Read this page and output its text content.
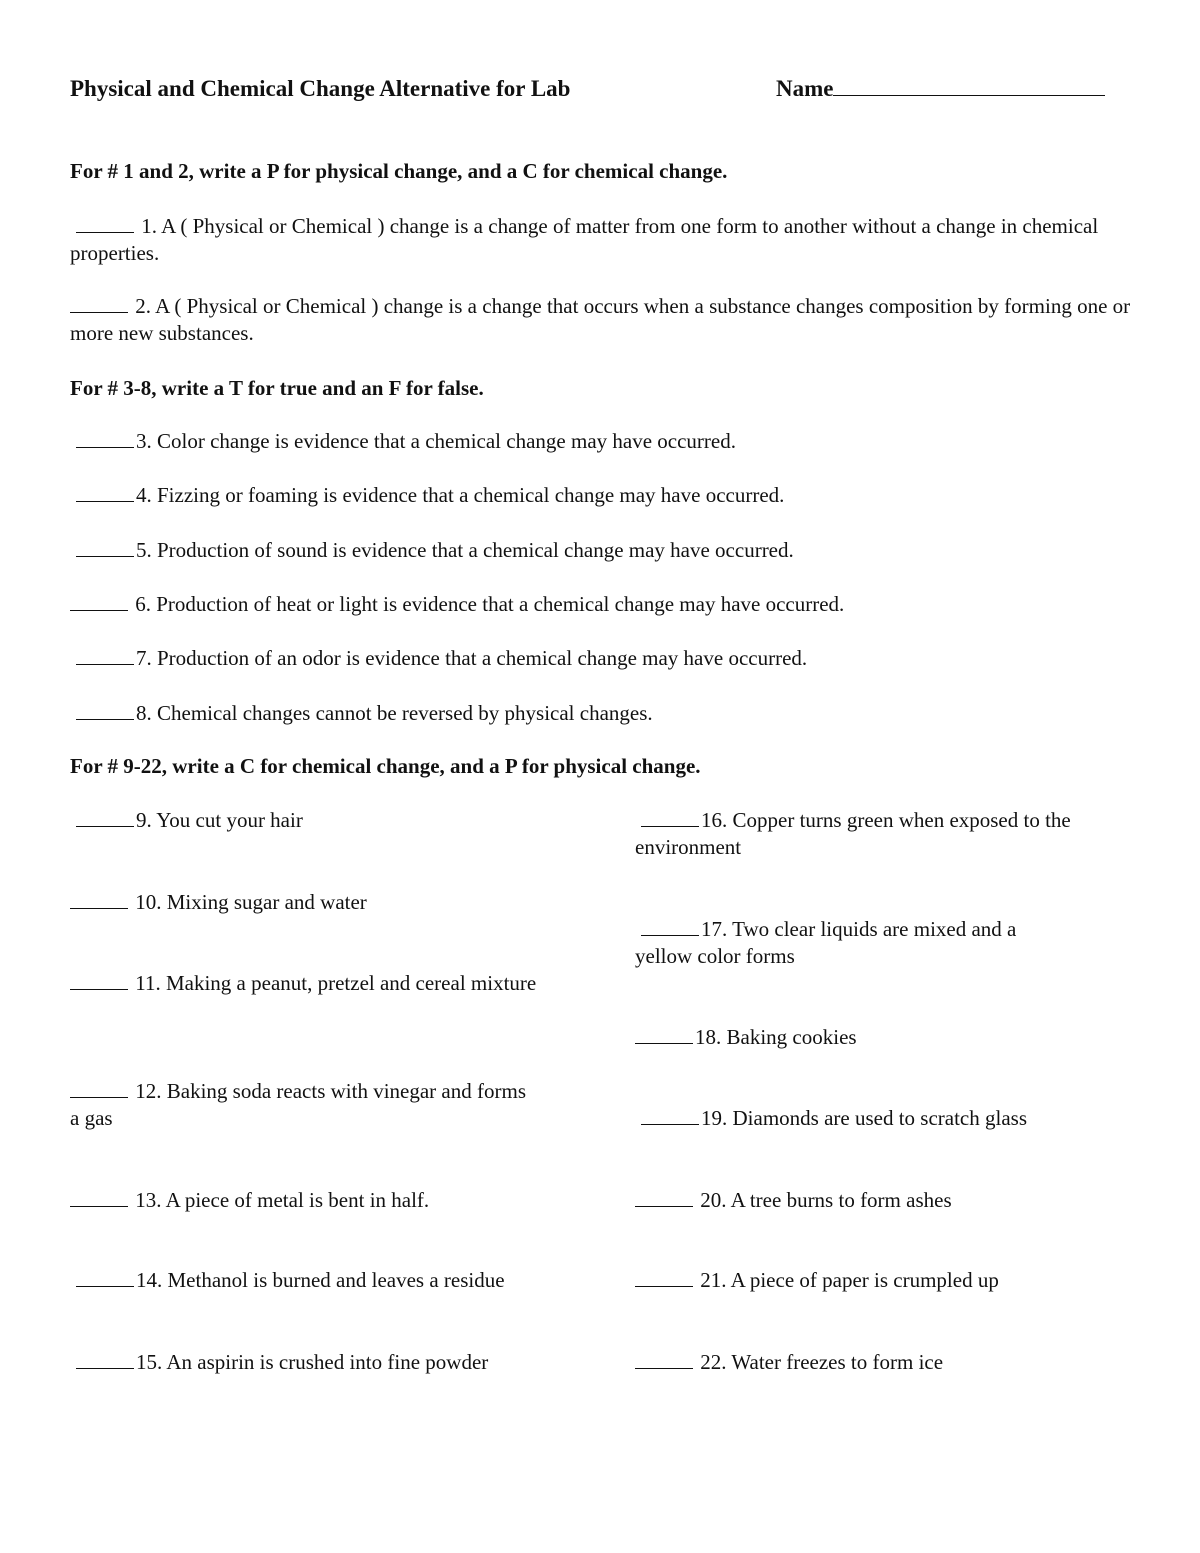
Physical and Chemical Change Alternative for Lab	Name
For # 1 and 2, write a P for physical change, and a C for chemical change.
1. A ( Physical or Chemical ) change is a change of matter from one form to another without a change in chemical properties.
2. A ( Physical or Chemical ) change is a change that occurs when a substance changes composition by forming one or more new substances.
For # 3-8, write a T for true and an F for false.
3. Color change is evidence that a chemical change may have occurred.
4. Fizzing or foaming is evidence that a chemical change may have occurred.
5. Production of sound is evidence that a chemical change may have occurred.
6. Production of heat or light is evidence that a chemical change may have occurred.
7. Production of an odor is evidence that a chemical change may have occurred.
8. Chemical changes cannot be reversed by physical changes.
For # 9-22, write a C for chemical change, and a P for physical change.
9. You cut your hair
10. Mixing sugar and water
11. Making a peanut, pretzel and cereal mixture
12. Baking soda reacts with vinegar and forms a gas
13. A piece of metal is bent in half.
14. Methanol is burned and leaves a residue
15. An aspirin is crushed into fine powder
16. Copper turns green when exposed to the environment
17. Two clear liquids are mixed and a yellow color forms
18. Baking cookies
19. Diamonds are used to scratch glass
20. A tree burns to form ashes
21. A piece of paper is crumpled up
22. Water freezes to form ice
